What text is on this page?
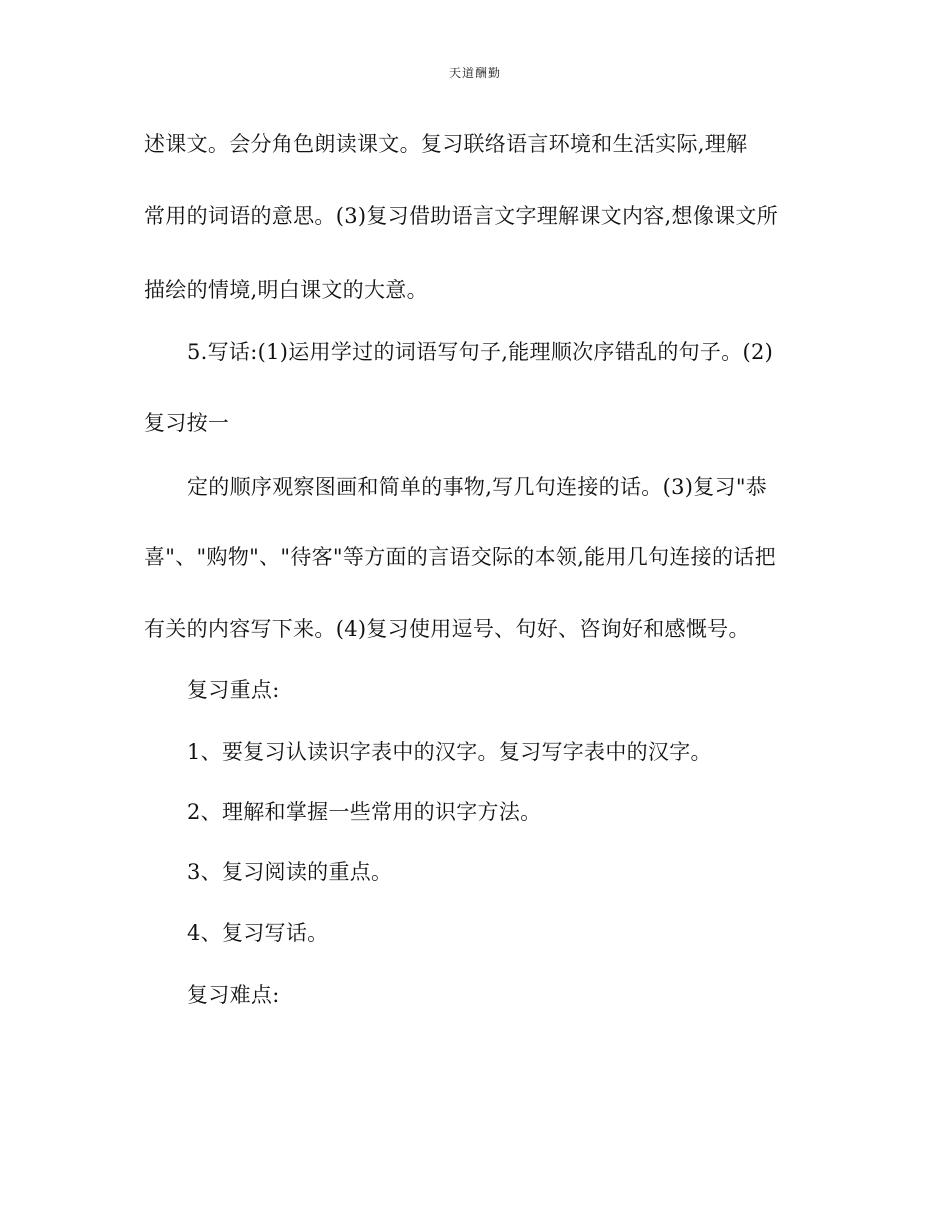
天道酬勤
述课文。会分角色朗读课文。复习联络语言环境和生活实际,理解
常用的词语的意思。(3)复习借助语言文字理解课文内容,想像课文所
描绘的情境,明白课文的大意。
5.写话:(1)运用学过的词语写句子,能理顺次序错乱的句子。(2)
复习按一
定的顺序观察图画和简单的事物,写几句连接的话。(3)复习"恭
喜"、"购物"、"待客"等方面的言语交际的本领,能用几句连接的话把
有关的内容写下来。(4)复习使用逗号、句好、咨询好和感慨号。
复习重点:
1、要复习认读识字表中的汉字。复习写字表中的汉字。
2、理解和掌握一些常用的识字方法。
3、复习阅读的重点。
4、复习写话。
复习难点:
